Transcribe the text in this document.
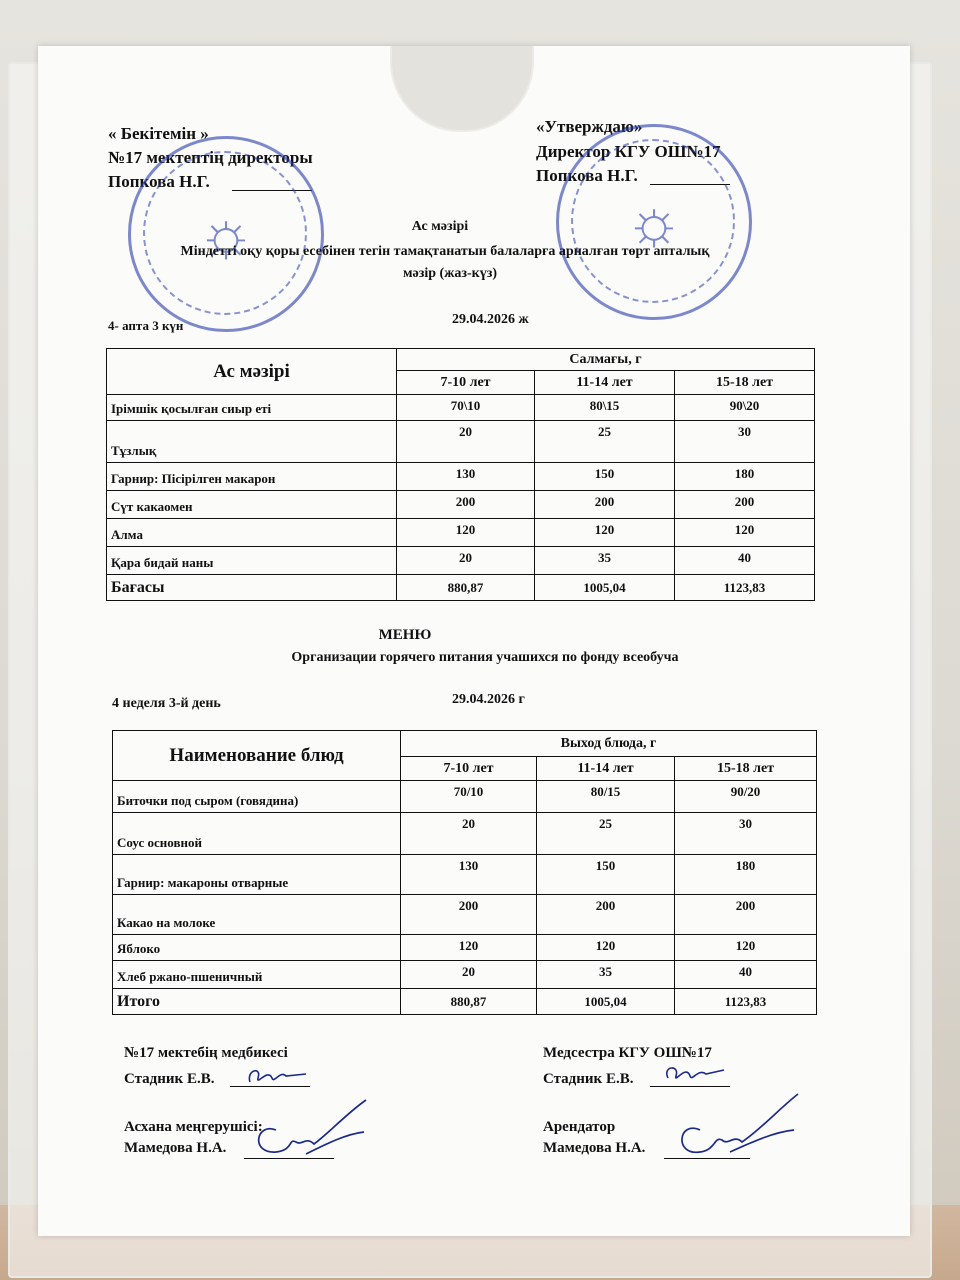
« Бекітемін »
№17 мектептің директоры
Попкова Н.Г.
«Утверждаю»
Директор КГУ ОШ№17
Попкова Н.Г.
☼	☼
Ас мәзірі
Міндетті оқу қоры есебінен тегін тамақтанатын балаларға арналған төрт апталық
мәзір (жаз-күз)
4- апта 3 күн	29.04.2026 ж
Ас мәзірі	Салмағы, г		
	7-10 лет	11-14 лет	15-18 лет
Ірімшік қосылған сиыр еті	70\10	80\15	90\20
Тұзлық	20	25	30
Гарнир: Пісірілген макарон	130	150	180
Сүт какаомен	200	200	200
Алма	120	120	120
Қара бидай наны	20	35	40
Бағасы	880,87	1005,04	1123,83
МЕНЮ
Организации горячего питания учашихся по фонду всеобуча
4 неделя 3-й день	29.04.2026 г
Наименование блюд	Выход блюда, г		
	7-10 лет	11-14 лет	15-18 лет
Биточки под сыром (говядина)	70/10	80/15	90/20
Соус основной	20	25	30
Гарнир: макароны отварные	130	150	180
Какао на молоке	200	200	200
Яблоко	120	120	120
Хлеб ржано-пшеничный	20	35	40
Итого	880,87	1005,04	1123,83
№17 мектебің медбикесі
Стадник Е.В.
Медсестра КГУ ОШ№17
Стадник Е.В.
Асхана меңгерушісі:
Мамедова Н.А.
Арендатор
Мамедова Н.А.
